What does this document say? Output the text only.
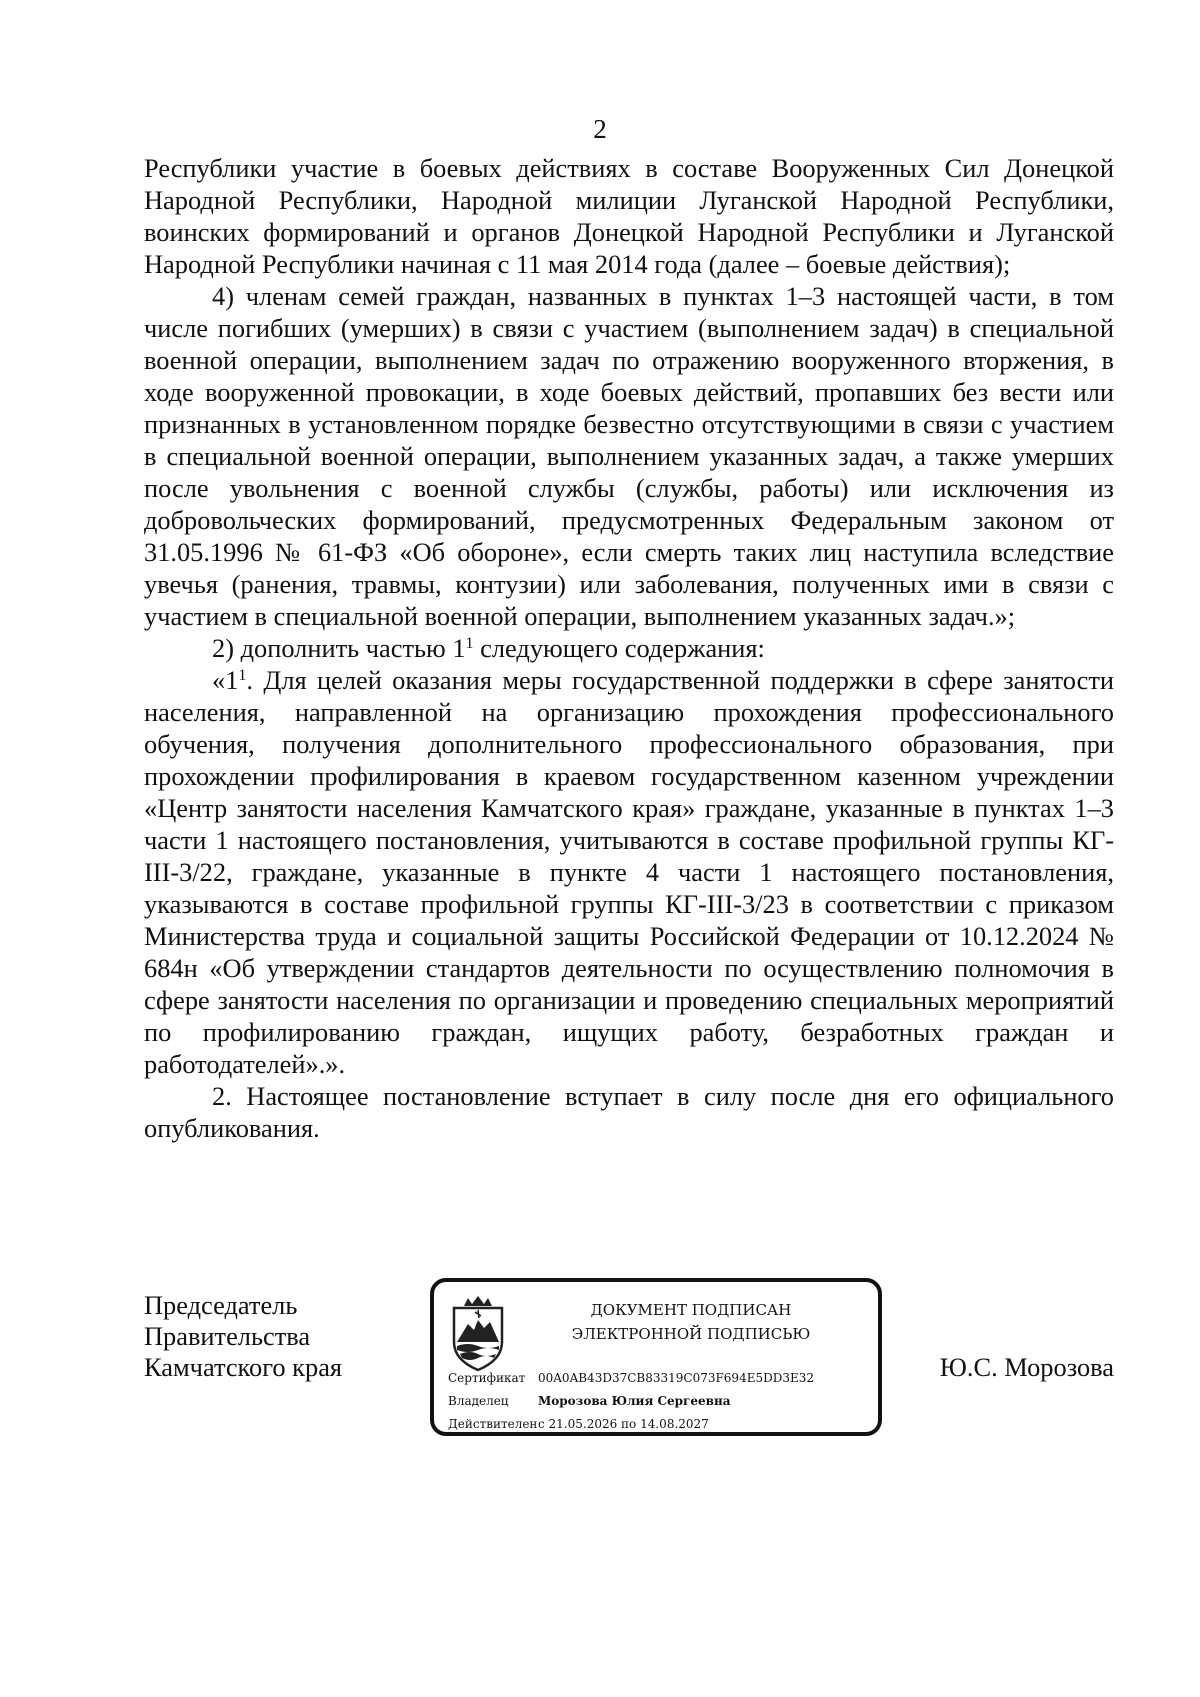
2

Республики участие в боевых действиях в составе Вооруженных Сил Донецкой Народной Республики, Народной милиции Луганской Народной Республики, воинских формирований и органов Донецкой Народной Республики и Луганской Народной Республики начиная с 11 мая 2014 года (далее – боевые действия);

4) членам семей граждан, названных в пунктах 1–3 настоящей части, в том числе погибших (умерших) в связи с участием (выполнением задач) в специальной военной операции, выполнением задач по отражению вооруженного вторжения, в ходе вооруженной провокации, в ходе боевых действий, пропавших без вести или признанных в установленном порядке безвестно отсутствующими в связи с участием в специальной военной операции, выполнением указанных задач, а также умерших после увольнения с военной службы (службы, работы) или исключения из добровольческих формирований, предусмотренных Федеральным законом от 31.05.1996 № 61-ФЗ «Об обороне», если смерть таких лиц наступила вследствие увечья (ранения, травмы, контузии) или заболевания, полученных ими в связи с участием в специальной военной операции, выполнением указанных задач.»;

2) дополнить частью $1^1$ следующего содержания:

«$1^1$. Для целей оказания меры государственной поддержки в сфере занятости населения, направленной на организацию прохождения профессионального обучения, получения дополнительного профессионального образования, при прохождении профилирования в краевом государственном казенном учреждении «Центр занятости населения Камчатского края» граждане, указанные в пунктах 1–3 части 1 настоящего постановления, учитываются в составе профильной группы КГ-III-3/22, граждане, указанные в пункте 4 части 1 настоящего постановления, указываются в составе профильной группы КГ-III-3/23 в соответствии с приказом Министерства труда и социальной защиты Российской Федерации от 10.12.2024 № 684н «Об утверждении стандартов деятельности по осуществлению полномочия в сфере занятости населения по организации и проведению специальных мероприятий по профилированию граждан, ищущих работу, безработных граждан и работодателей».».

2. Настоящее постановление вступает в силу после дня его официального опубликования.

Председатель
Правительства
Камчатского края
ДОКУМЕНТ ПОДПИСАН
ЭЛЕКТРОННОЙ ПОДПИСЬЮ
Сертификат 00A0AB43D37CB83319C073F694E5DD3E32
Владелец Морозова Юлия Сергеевна
Действителенс 21.05.2026 по 14.08.2027
Ю.С. Морозова
